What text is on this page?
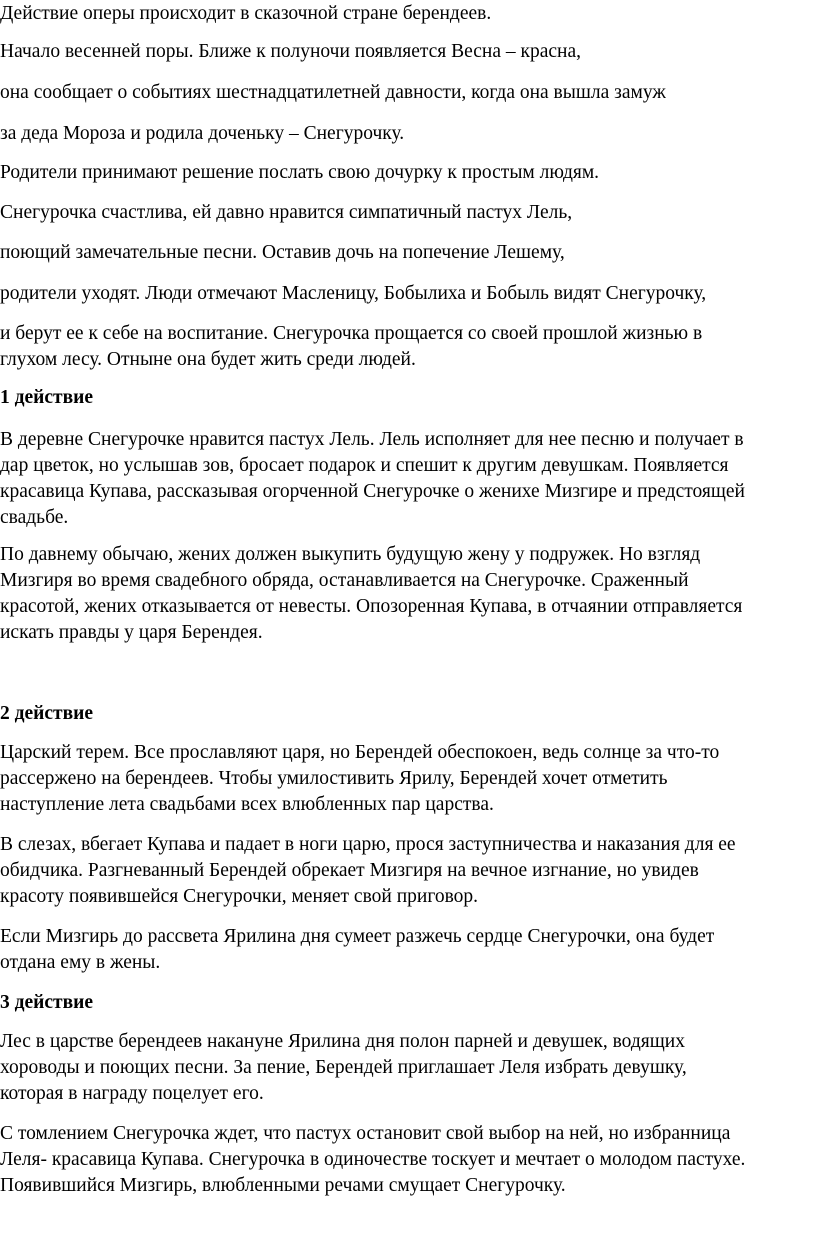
Действие оперы происходит в сказочной стране берендеев.

Начало весенней поры. Ближе к полуночи появляется Весна – красна,

она сообщает о событиях шестнадцатилетней давности, когда она вышла замуж

за деда Мороза и родила доченьку – Снегурочку.

Родители принимают решение послать свою дочурку к простым людям.

Снегурочка счастлива, ей давно нравится симпатичный пастух Лель,

поющий замечательные песни. Оставив дочь на попечение Лешему,

родители уходят. Люди отмечают Масленицу, Бобылиха и Бобыль видят Снегурочку,

и берут ее к себе на воспитание. Снегурочка прощается со своей прошлой жизнью в
глухом лесу. Отныне она будет жить среди людей.

1 действие

В деревне Снегурочке нравится пастух Лель. Лель исполняет для нее песню и получает в
дар цветок, но услышав зов, бросает подарок и спешит к другим девушкам. Появляется
красавица Купава, рассказывая огорченной Снегурочке о женихе Мизгире и предстоящей
свадьбе.

По давнему обычаю, жених должен выкупить будущую жену у подружек. Но взгляд
Мизгиря во время свадебного обряда, останавливается на Снегурочке. Сраженный
красотой, жених отказывается от невесты. Опозоренная Купава, в отчаянии отправляется
искать правды у царя Берендея.

2 действие

Царский терем. Все прославляют царя, но Берендей обеспокоен, ведь солнце за что-то
рассержено на берендеев. Чтобы умилостивить Ярилу, Берендей хочет отметить
наступление лета свадьбами всех влюбленных пар царства.

В слезах, вбегает Купава и падает в ноги царю, прося заступничества и наказания для ее
обидчика. Разгневанный Берендей обрекает Мизгиря на вечное изгнание, но увидев
красоту появившейся Снегурочки, меняет свой приговор.

Если Мизгирь до рассвета Ярилина дня сумеет разжечь сердце Снегурочки, она будет
отдана ему в жены.

3 действие

Лес в царстве берендеев накануне Ярилина дня полон парней и девушек, водящих
хороводы и поющих песни. За пение, Берендей приглашает Леля избрать девушку,
которая в награду поцелует его.

С томлением Снегурочка ждет, что пастух остановит свой выбор на ней, но избранница
Леля- красавица Купава. Снегурочка в одиночестве тоскует и мечтает о молодом пастухе.
Появившийся Мизгирь, влюбленными речами смущает Снегурочку.
